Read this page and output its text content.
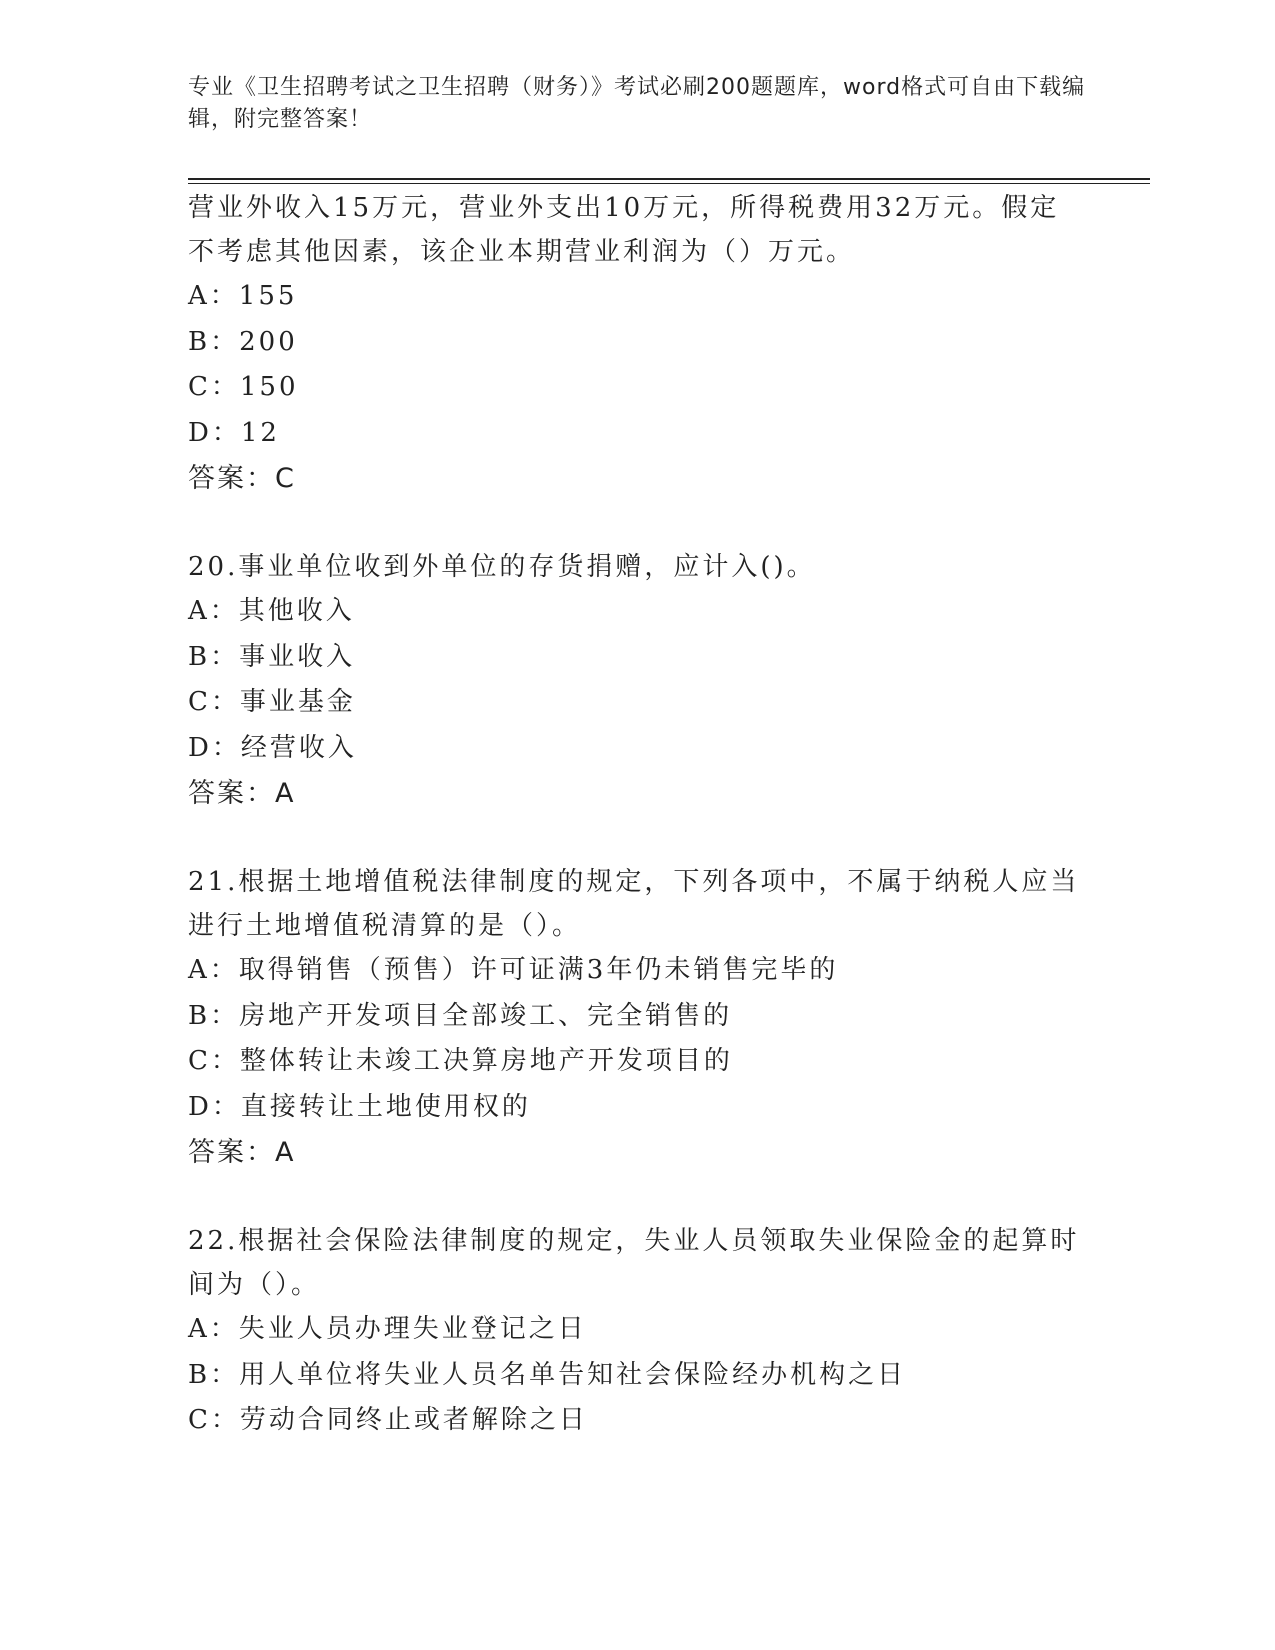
专业《卫生招聘考试之卫生招聘（财务）》考试必刷200题题库，word格式可自由下载编辑，附完整答案！

营业外收入15万元，营业外支出10万元，所得税费用32万元。假定不考虑其他因素，该企业本期营业利润为（）万元。

A：155

B：200

C：150

D：12

答案：C

20.事业单位收到外单位的存货捐赠，应计入()。

A：其他收入

B：事业收入

C：事业基金

D：经营收入

答案：A

21.根据土地增值税法律制度的规定，下列各项中，不属于纳税人应当进行土地增值税清算的是（）。

A：取得销售（预售）许可证满3年仍未销售完毕的

B：房地产开发项目全部竣工、完全销售的

C：整体转让未竣工决算房地产开发项目的

D：直接转让土地使用权的

答案：A

22.根据社会保险法律制度的规定，失业人员领取失业保险金的起算时间为（）。

A：失业人员办理失业登记之日

B：用人单位将失业人员名单告知社会保险经办机构之日

C：劳动合同终止或者解除之日
